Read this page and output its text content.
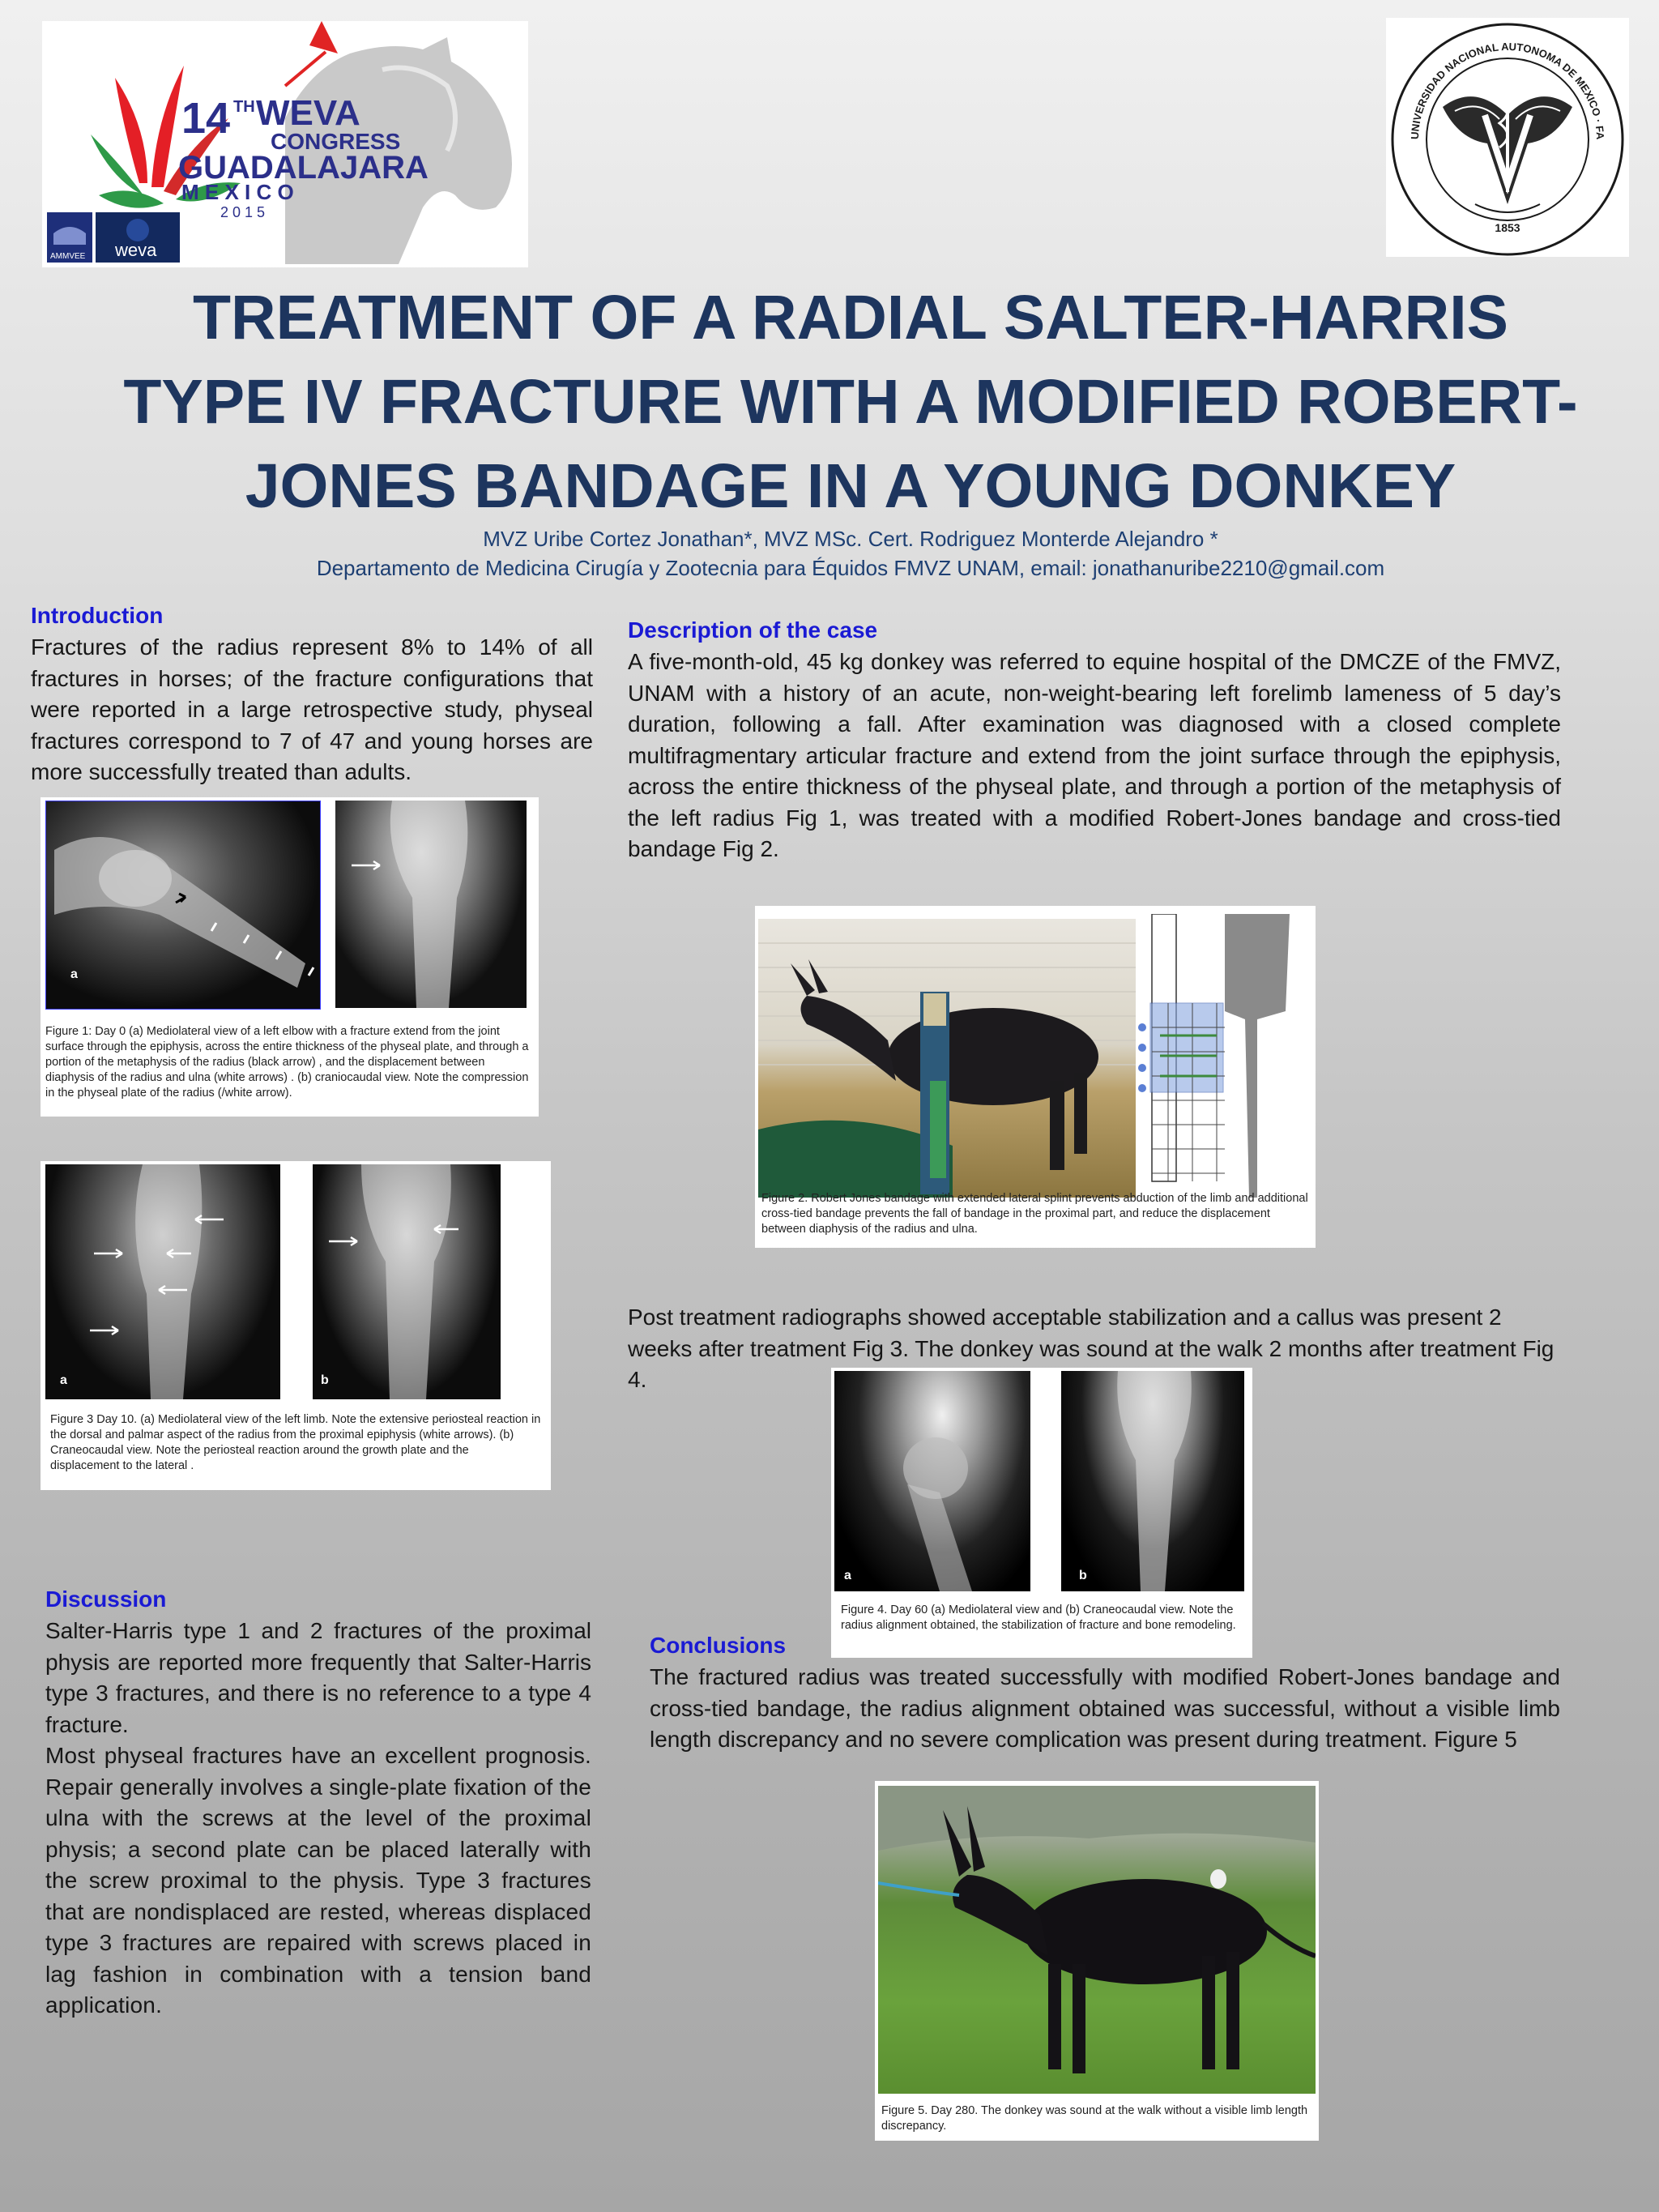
14 TH WEVA
CONGRESS
GUADALAJARA
M E X I C O
2 0 1 5
AMMVEE weva
UNIVERSIDAD NACIONAL AUTONOMA DE MEXICO · FA
1853
TREATMENT OF A RADIAL SALTER-HARRIS
TYPE IV FRACTURE WITH A MODIFIED ROBERT-
JONES BANDAGE IN A YOUNG DONKEY
MVZ Uribe Cortez Jonathan*, MVZ MSc. Cert. Rodriguez Monterde Alejandro *
Departamento de Medicina Cirugía y Zootecnia para Équidos FMVZ UNAM, email: jonathanuribe2210@gmail.com
Introduction
Fractures of the radius represent 8% to 14% of all fractures in horses; of the fracture configurations that were reported in a large retrospective study, physeal fractures correspond to 7 of 47 and young horses are more successfully treated than adults.
a
Figure 1: Day 0 (a) Mediolateral view of a left elbow with a fracture extend from the joint surface through the epiphysis, across the entire thickness of the physeal plate, and through a portion of the metaphysis of the radius (black arrow) , and the displacement between diaphysis of the radius and ulna (white arrows) . (b) craniocaudal view. Note the compression in the physeal plate of the radius (/white arrow).
a	b
Figure 3 Day 10. (a) Mediolateral view of the left limb. Note the extensive periosteal reaction in the dorsal and palmar aspect of the radius from the proximal epiphysis (white arrows). (b) Craneocaudal view. Note the periosteal reaction around the growth plate and the displacement to the lateral .
Discussion
Salter-Harris type 1 and 2 fractures of the proximal physis are reported more frequently that Salter-Harris type 3 fractures, and there is no reference to a type 4 fracture.
Most physeal fractures have an excellent prognosis. Repair generally involves a single-plate fixation of the ulna with the screws at the level of the proximal physis; a second plate can be placed laterally with the screw proximal to the physis. Type 3 fractures that are nondisplaced are rested, whereas displaced type 3 fractures are repaired with screws placed in lag fashion in combination with a tension band application.
Description of the case
A five-month-old, 45 kg donkey was referred to equine hospital of the DMCZE of the FMVZ, UNAM with a history of an acute, non-weight-bearing left forelimb lameness of 5 day’s duration, following a fall. After examination was diagnosed with a closed complete multifragmentary articular fracture and extend from the joint surface through the epiphysis, across the entire thickness of the physeal plate, and through a portion of the metaphysis of the left radius Fig 1, was treated with a modified Robert-Jones bandage and cross-tied bandage Fig 2.
Figure 2. Robert Jones bandage with extended lateral splint prevents abduction of the limb and additional cross-tied bandage prevents the fall of bandage in the proximal part, and reduce the displacement between diaphysis of the radius and ulna.
Post treatment radiographs showed acceptable stabilization and a callus was present 2 weeks after treatment Fig 3. The donkey was sound at the walk 2 months after treatment Fig 4.
a	b
Figure 4. Day 60 (a) Mediolateral view and (b) Craneocaudal view. Note the radius alignment obtained, the stabilization of fracture and bone remodeling.
Conclusions
The fractured radius was treated successfully with modified Robert-Jones bandage and cross-tied bandage, the radius alignment obtained was successful, without a visible limb length discrepancy and no severe complication was present during treatment. Figure 5
Figure 5. Day 280. The donkey was sound at the walk without a visible limb length discrepancy.
